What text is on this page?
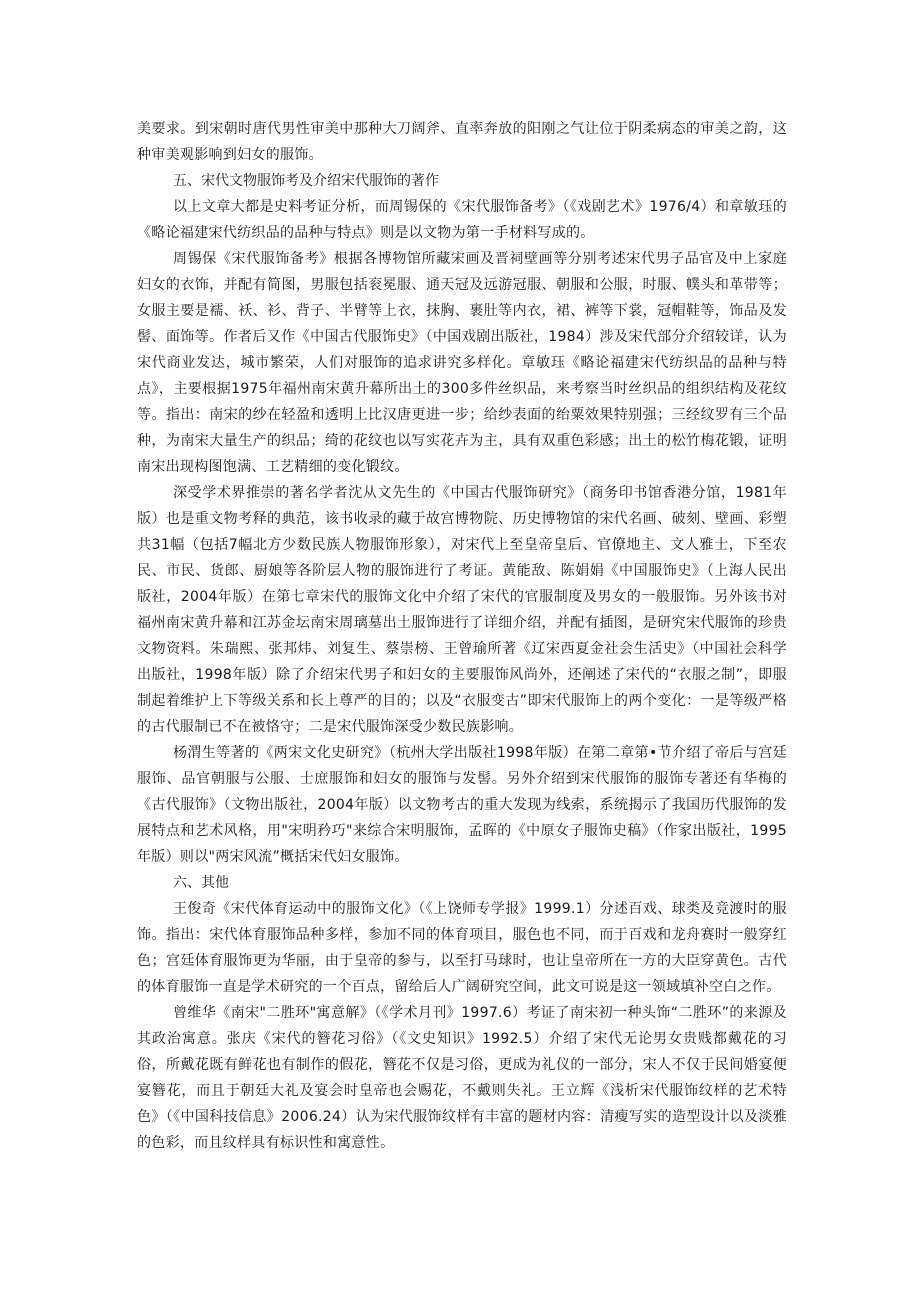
美要求。到宋朝时唐代男性审美中那种大刀阔斧、直率奔放的阳刚之气让位于阴柔病态的审美之韵，这种审美观影响到妇女的服饰。

五、宋代文物服饰考及介绍宋代服饰的著作

以上文章大都是史料考证分析，而周锡保的《宋代服饰备考》（《戏剧艺术》1976/4）和章敏珏的《略论福建宋代纺织品的品种与特点》则是以文物为第一手材料写成的。

周锡保《宋代服饰备考》根据各博物馆所藏宋画及晋祠壁画等分别考述宋代男子品官及中上家庭妇女的衣饰，并配有简图，男服包括衮冕服、通天冠及远游冠服、朝服和公服，时服、幞头和革带等；女服主要是襦、袄、衫、背子、半臂等上衣，抹胸、裹肚等内衣，裙、裤等下裳，冠帽鞋等，饰品及发髻、面饰等。作者后又作《中国古代服饰史》（中国戏剧出版社，1984）涉及宋代部分介绍较详，认为宋代商业发达，城市繁荣，人们对服饰的追求讲究多样化。章敏珏《略论福建宋代纺织品的品种与特点》，主要根据1975年福州南宋黄升幕所出土的300多件丝织品，来考察当时丝织品的组织结构及花纹等。指出：南宋的纱在轻盈和透明上比汉唐更进一步；给纱表面的绐粟效果特别强；三经纹罗有三个品种，为南宋大量生产的织品；绮的花纹也以写实花卉为主，具有双重色彩感；出土的松竹梅花锻，证明南宋出现构图饱满、工艺精细的变化锻纹。

深受学术界推崇的著名学者沈从文先生的《中国古代服饰研究》（商务印书馆香港分馆，1981年版）也是重文物考释的典范，该书收录的藏于故宫博物院、历史博物馆的宋代名画、破刻、壁画、彩塑共31幅（包括7幅北方少数民族人物服饰形象），对宋代上至皇帝皇后、官僚地主、文人雅士，下至农民、市民、货郎、厨娘等各阶层人物的服饰进行了考证。黄能敌、陈娟娟《中国服饰史》（上海人民出版社，2004年版）在第七章宋代的服饰文化中介绍了宋代的官服制度及男女的一般服饰。另外该书对福州南宋黄升幕和江苏金坛南宋周璃墓出土服饰进行了详细介绍，并配有插图，是研究宋代服饰的珍贵文物资料。朱瑞熙、张邦炜、刘复生、蔡崇榜、王曾瑜所著《辽宋西夏金社会生活史》（中国社会科学出版社，1998年版）除了介绍宋代男子和妇女的主要服饰风尚外，还阐述了宋代的“衣服之制”，即服制起着维护上下等级关系和长上尊严的目的；以及“衣服变古”即宋代服饰上的两个变化：一是等级严格的古代服制已不在被恪守；二是宋代服饰深受少数民族影响。

杨渭生等著的《两宋文化史研究》（杭州大学出版社1998年版）在第二章第•节介绍了帝后与宫廷服饰、品官朝服与公服、士庶服饰和妇女的服饰与发髻。另外介绍到宋代服饰的服饰专著还有华梅的《古代服饰》（文物出版社，2004年版）以文物考古的重大发现为线索，系统揭示了我国历代服饰的发展特点和艺术风格，用"宋明矜巧"来综合宋明服饰，孟晖的《中原女子服饰史稿》（作家出版社，1995年版）则以"两宋风流”概括宋代妇女服饰。

六、其他

王俊奇《宋代体育运动中的服饰文化》（《上饶师专学报》1999.1）分述百戏、球类及竞渡时的服饰。指出：宋代体育服饰品种多样，参加不同的体育项目，服色也不同，而于百戏和龙舟赛时一般穿红色；宫廷体育服饰更为华丽，由于皇帝的参与，以至打马球时，也让皇帝所在一方的大臣穿黄色。古代的体育服饰一直是学术研究的一个百点，留给后人广阔研究空间，此文可说是这一领域填补空白之作。

曾维华《南宋"二胜环"寓意解》（《学术月刊》1997.6）考证了南宋初一种头饰“二胜环”的来源及其政治寓意。张庆《宋代的簪花习俗》（《文史知识》1992.5）介绍了宋代无论男女贵贱都戴花的习俗，所戴花既有鲜花也有制作的假花，簪花不仅是习俗，更成为礼仪的一部分，宋人不仅于民间婚宴便宴簪花，而且于朝廷大礼及宴会时皇帝也会赐花，不戴则失礼。王立辉《浅析宋代服饰纹样的艺术特色》（《中国科技信息》2006.24）认为宋代服饰纹样有丰富的题材内容：清瘦写实的造型设计以及淡雅的色彩，而且纹样具有标识性和寓意性。
